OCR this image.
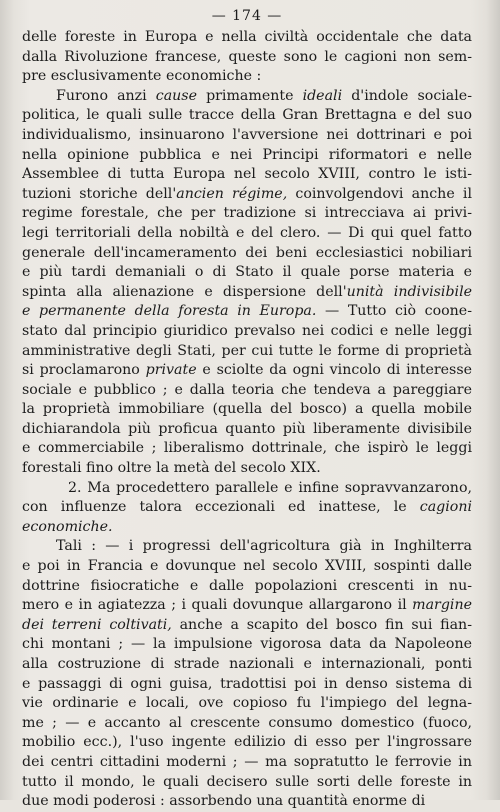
— 174 —

delle foreste in Europa e nella civiltà occidentale che data
dalla Rivoluzione francese, queste sono le cagioni non sem-
pre esclusivamente economiche :

Furono anzi cause primamente ideali d'indole sociale-
politica, le quali sulle tracce della Gran Brettagna e del suo
individualismo, insinuarono l'avversione nei dottrinari e poi
nella opinione pubblica e nei Principi riformatori e nelle
Assemblee di tutta Europa nel secolo XVIII, contro le isti-
tuzioni storiche dell'ancien régime, coinvolgendovi anche il
regime forestale, che per tradizione si intrecciava ai privi-
legi territoriali della nobiltà e del clero. — Di qui quel fatto
generale dell'incameramento dei beni ecclesiastici nobiliari
e più tardi demaniali o di Stato il quale porse materia e
spinta alla alienazione e dispersione dell'unità indivisibile
e permanente della foresta in Europa. — Tutto ciò coone-
stato dal principio giuridico prevalso nei codici e nelle leggi
amministrative degli Stati, per cui tutte le forme di proprietà
si proclamarono private e sciolte da ogni vincolo di interesse
sociale e pubblico ; e dalla teoria che tendeva a pareggiare
la proprietà immobiliare (quella del bosco) a quella mobile
dichiarandola più proficua quanto più liberamente divisibile
e commerciabile ; liberalismo dottrinale, che ispirò le leggi
forestali fino oltre la metà del secolo XIX.

2. Ma procedettero parallele e infine sopravvanzarono,
con influenze talora eccezionali ed inattese, le cagioni
economiche.

Tali : — i progressi dell'agricoltura già in Inghilterra
e poi in Francia e dovunque nel secolo XVIII, sospinti dalle
dottrine fisiocratiche e dalle popolazioni crescenti in nu-
mero e in agiatezza ; i quali dovunque allargarono il margine
dei terreni coltivati, anche a scapito del bosco fin sui fian-
chi montani ; — la impulsione vigorosa data da Napoleone
alla costruzione di strade nazionali e internazionali, ponti
e passaggi di ogni guisa, tradottisi poi in denso sistema di
vie ordinarie e locali, ove copioso fu l'impiego del legna-
me ; — e accanto al crescente consumo domestico (fuoco,
mobilio ecc.), l'uso ingente edilizio di esso per l'ingrossare
dei centri cittadini moderni ; — ma sopratutto le ferrovie in
tutto il mondo, le quali decisero sulle sorti delle foreste in
due modi poderosi : assorbendo una quantità enorme di
